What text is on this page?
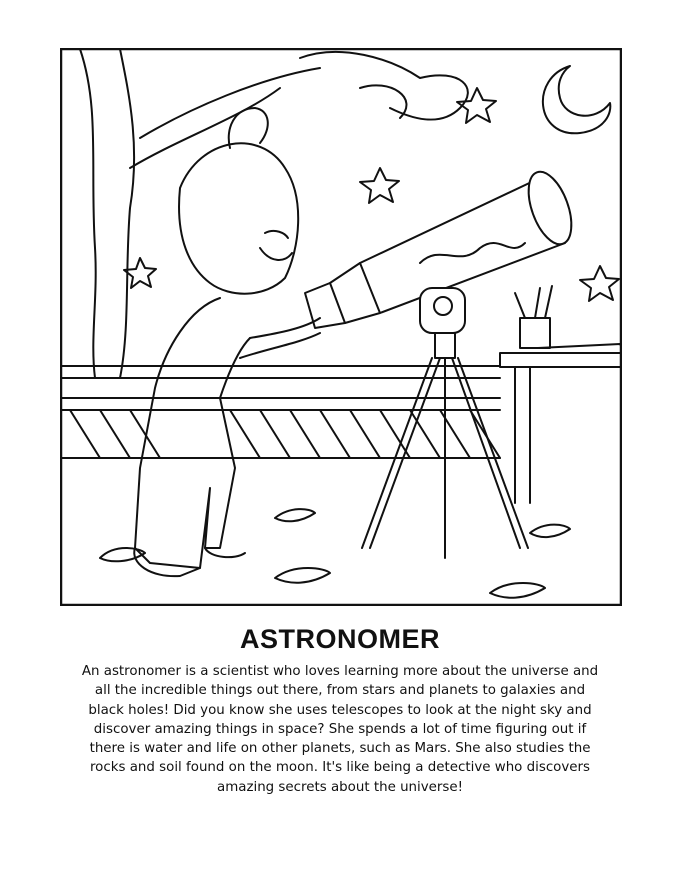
ASTRONOMER
An astronomer is a scientist who loves learning more about the universe and
all the incredible things out there, from stars and planets to galaxies and
black holes! Did you know she uses telescopes to look at the night sky and
discover amazing things in space? She spends a lot of time figuring out if
there is water and life on other planets, such as Mars. She also studies the
rocks and soil found on the moon. It's like being a detective who discovers
amazing secrets about the universe!
